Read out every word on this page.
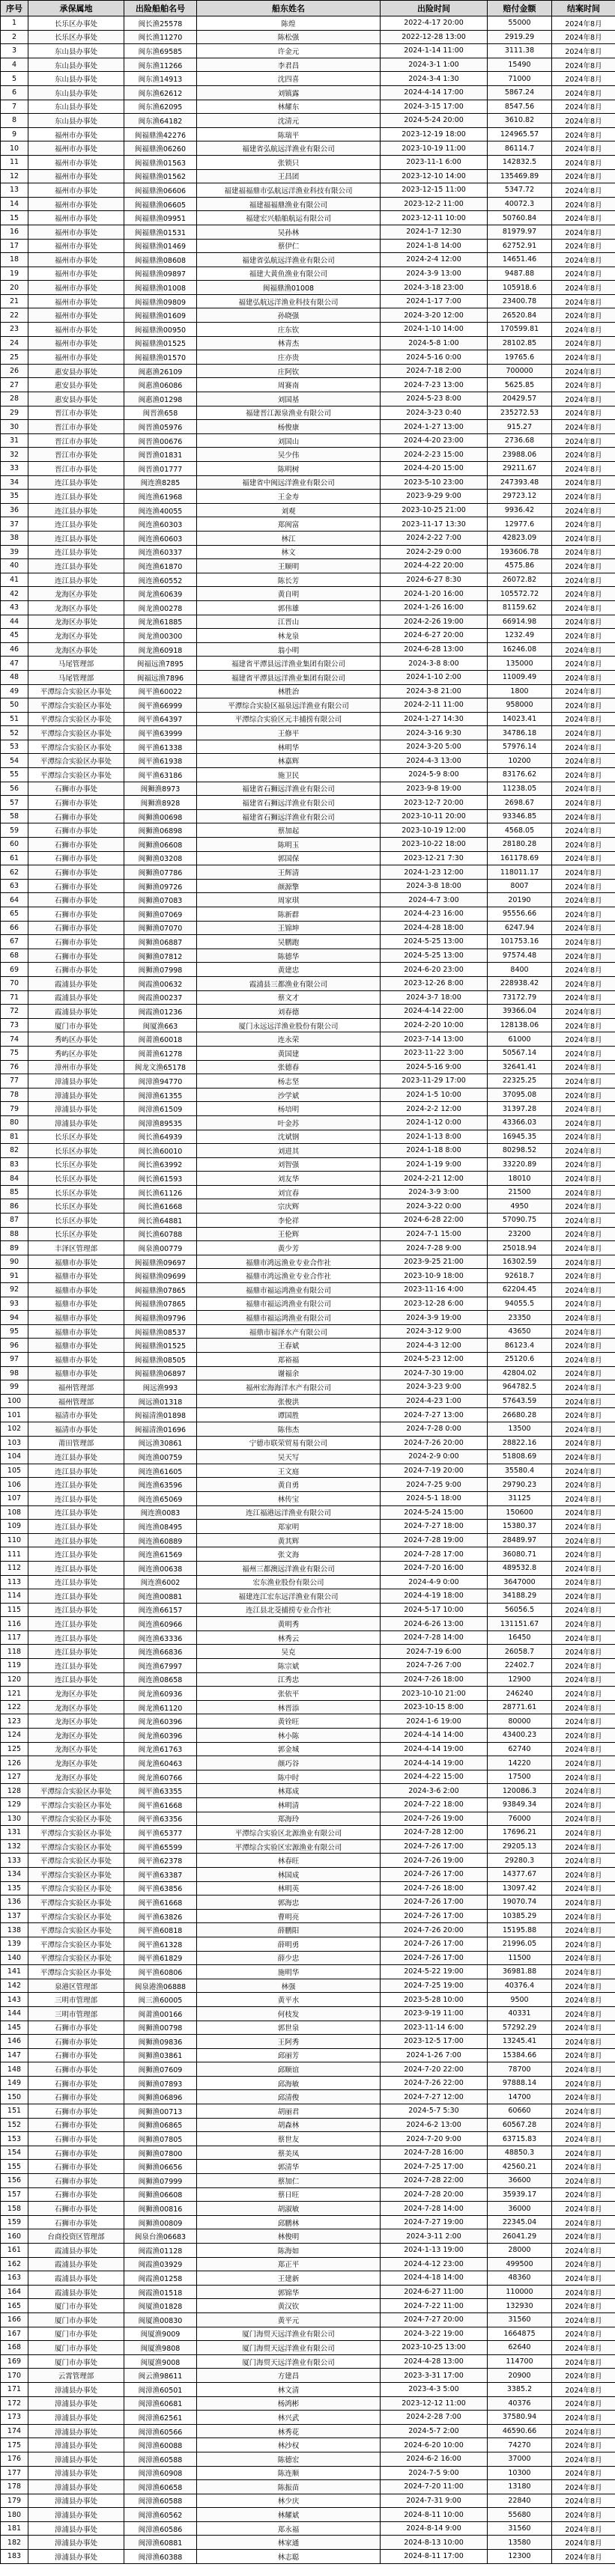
序号	承保属地	出险船舶名号	船东姓名	出险时间	赔付金额	结案时间
1	长乐区办事处	闽长渔25578	陈煌	2022-4-17 20:00	55000	2024年8月
2	长乐区办事处	闽长渔11270	陈松强	2022-12-28 13:00	2919.29	2024年8月
3	东山县办事处	闽东渔69585	许金元	2024-1-14 11:00	3111.38	2024年8月
4	东山县办事处	闽东渔11266	李君昌	2024-3-1 1:00	15490	2024年8月
5	东山县办事处	闽东渔14913	沈四喜	2024-3-4 1:30	71000	2024年8月
6	东山县办事处	闽东渔62612	刘镇露	2024-4-14 17:00	5867.24	2024年8月
7	东山县办事处	闽东渔62095	林耀东	2024-3-15 17:00	8547.56	2024年8月
8	东山县办事处	闽东渔64182	沈清元	2024-5-24 20:00	3610.82	2024年8月
9	福州市办事处	闽福鼎渔42276	陈瑞平	2023-12-19 18:00	124965.57	2024年8月
10	福州市办事处	闽福鼎渔06260	福建省弘航远洋渔业有限公司	2023-10-19 11:00	86114.7	2024年8月
11	福州市办事处	闽福鼎渔01563	张锁只	2023-11-1 6:00	142832.5	2024年8月
12	福州市办事处	闽福鼎渔01562	王昌团	2023-12-10 14:00	135469.89	2024年8月
13	福州市办事处	闽福鼎渔06606	福建福福鼎市弘航远洋渔业科技有限公司	2023-12-15 11:00	5347.72	2024年8月
14	福州市办事处	闽福鼎渔06605	福建福福鼎渔业有限公司	2023-12-2 11:00	40072.3	2024年8月
15	福州市办事处	闽福鼎渔09951	福建宏兴船舶航运有限公司	2023-12-11 10:00	50760.84	2024年8月
16	福州市办事处	闽福鼎渔01531	吴孙林	2024-1-7 12:30	81979.97	2024年8月
17	福州市办事处	闽福鼎渔01469	蔡伊仁	2024-1-8 14:00	62752.91	2024年8月
18	福州市办事处	闽福鼎渔08608	福建省弘航远洋渔业有限公司	2024-2-4 12:00	14651.46	2024年8月
19	福州市办事处	闽福鼎渔09897	福建大黄鱼渔业有限公司	2024-3-9 13:00	9487.88	2024年8月
20	福州市办事处	闽福鼎渔01008	闽福鼎渔01008	2024-3-18 23:00	105918.6	2024年8月
21	福州市办事处	闽福鼎渔09809	福建弘航远洋渔业科技有限公司	2024-1-17 7:00	23400.78	2024年8月
22	福州市办事处	闽福鼎渔01609	孙晓强	2024-3-20 12:00	26520.84	2024年8月
23	福州市办事处	闽福鼎渔00950	庄东钦	2024-1-10 14:00	170599.81	2024年8月
24	福州市办事处	闽福鼎渔01525	林青杰	2024-5-8 1:00	28102.85	2024年8月
25	福州市办事处	闽福鼎渔01570	庄亦贵	2024-5-16 0:00	19765.6	2024年8月
26	惠安县办事处	闽惠渔26109	庄阿钦	2024-7-18 2:00	700000	2024年8月
27	惠安县办事处	闽惠渔06086	周赛南	2024-7-23 13:00	5625.85	2024年8月
28	惠安县办事处	闽惠渔01298	刘国基	2024-5-23 8:00	20429.57	2024年8月
29	晋江市办事处	闽晋渔658	福建晋江源泉渔业有限公司	2024-3-23 0:40	235272.53	2024年8月
30	晋江市办事处	闽晋渔05976	杨俊康	2024-1-27 13:00	915.27	2024年8月
31	晋江市办事处	闽晋渔00676	刘国山	2024-4-20 23:00	2736.68	2024年8月
32	晋江市办事处	闽晋渔01831	吴少伟	2024-2-23 15:00	23988.06	2024年8月
33	晋江市办事处	闽晋渔01777	陈明树	2024-4-20 15:00	29211.67	2024年8月
34	连江县办事处	闽连渔8285	福建省中闽远洋渔业有限公司	2023-5-10 23:00	247393.48	2024年8月
35	连江县办事处	闽连渔61968	王金寿	2023-9-29 9:00	29723.12	2024年8月
36	连江县办事处	闽连渔40055	刘观	2023-10-25 21:00	9936.42	2024年8月
37	连江县办事处	闽连渔60303	郑闽富	2023-11-17 13:30	12977.6	2024年8月
38	连江县办事处	闽连渔60603	林江	2024-2-22 7:00	42823.09	2024年8月
39	连江县办事处	闽连渔60337	林文	2024-2-29 0:00	193606.78	2024年8月
40	连江县办事处	闽连渔61870	王顺明	2024-4-22 20:00	4575.86	2024年8月
41	连江县办事处	闽连渔60552	陈长芳	2024-6-27 8:30	26072.82	2024年8月
42	龙海区办事处	闽龙渔60639	黄自明	2024-1-20 16:00	105572.72	2024年8月
43	龙海区办事处	闽龙渔00278	郭伟雄	2024-1-26 16:00	81159.62	2024年8月
44	龙海区办事处	闽龙渔61885	江晋山	2024-2-26 19:00	66914.98	2024年8月
45	龙海区办事处	闽龙渔00300	林龙泉	2024-6-27 20:00	1232.49	2024年8月
46	龙海区办事处	闽龙渔60918	翁小明	2024-6-28 13:00	16246.08	2024年8月
47	马尾管理部	闽福远渔7895	福建省平潭县远洋渔业集团有限公司	2024-3-8 8:00	135000	2024年8月
48	马尾管理部	闽福远渔7896	福建省平潭县远洋渔业集团有限公司	2024-1-10 2:00	11009.49	2024年8月
49	平潭综合实验区办事处	闽平渔60022	林胜治	2024-3-8 21:00	1800	2024年8月
50	平潭综合实验区办事处	闽平渔66999	平潭综合实验区福泉远洋渔业有限公司	2024-2-11 11:00	958000	2024年8月
51	平潭综合实验区办事处	闽平渔64397	平潭综合实验区元丰捕捞有限公司	2024-1-27 14:30	14023.41	2024年8月
52	平潭综合实验区办事处	闽平渔63999	王修平	2024-3-16 9:30	34786.18	2024年8月
53	平潭综合实验区办事处	闽平渔61338	林明华	2024-3-20 5:00	57976.14	2024年8月
54	平潭综合实验区办事处	闽平渔61938	林嘉辉	2024-4-3 13:00	10200	2024年8月
55	平潭综合实验区办事处	闽平渔63186	施卫民	2024-5-9 8:00	83176.62	2024年8月
56	石狮市办事处	闽狮渔8973	福建省石狮远洋渔业有限公司	2023-9-8 19:00	11238.05	2024年8月
57	石狮市办事处	闽狮渔8928	福建省石狮远洋渔业有限公司	2023-12-7 20:00	2698.67	2024年8月
58	石狮市办事处	闽狮渔00698	福建省石狮远洋渔业有限公司	2023-10-11 20:00	93346.85	2024年8月
59	石狮市办事处	闽狮渔06898	蔡加起	2023-10-19 12:00	4568.05	2024年8月
60	石狮市办事处	闽狮渔06608	陈明玉	2023-10-22 18:00	28180.28	2024年8月
61	石狮市办事处	闽狮渔03208	郭国保	2023-12-21 7:30	161178.69	2024年8月
62	石狮市办事处	闽狮渔07786	王辉清	2024-1-23 12:00	118011.17	2024年8月
63	石狮市办事处	闽狮渔09726	颜源擎	2024-3-8 18:00	8007	2024年8月
64	石狮市办事处	闽狮渔07083	周家琪	2024-4-7 3:00	20190	2024年8月
65	石狮市办事处	闽狮渔07069	陈新群	2024-4-23 16:00	95556.66	2024年8月
66	石狮市办事处	闽狮渔07070	王锦坤	2024-4-28 18:00	6247.94	2024年8月
67	石狮市办事处	闽狮渔06887	吴鹏跑	2024-5-25 13:00	101753.16	2024年8月
68	石狮市办事处	闽狮渔07812	陈德华	2024-5-25 13:00	97574.48	2024年8月
69	石狮市办事处	闽狮渔07998	黄建忠	2024-6-20 23:00	8400	2024年8月
70	霞浦县办事处	闽霞渔00632	霞浦县三都渔业有限公司	2023-12-26 8:00	228938.42	2024年8月
71	霞浦县办事处	闽霞渔00237	蔡文才	2024-3-7 18:00	73172.79	2024年8月
72	霞浦县办事处	闽霞渔01236	刘春德	2024-4-14 22:00	39366.04	2024年8月
73	厦门市办事处	闽厦渔663	厦门永远远洋渔业股份有限公司	2024-2-20 10:00	128138.06	2024年8月
74	秀屿区办事处	闽莆渔60018	连永荣	2023-7-14 13:00	61000	2024年8月
75	秀屿区办事处	闽莆渔61278	黄国建	2023-11-22 3:00	50567.14	2024年8月
76	漳州市办事处	闽龙文渔65178	张德春	2024-5-16 9:00	32641.41	2024年8月
77	漳浦县办事处	闽漳渔94770	杨志坚	2023-11-29 17:00	22325.25	2024年8月
78	漳浦县办事处	闽漳渔61355	沙学斌	2024-1-5 10:00	37095.08	2024年8月
79	漳浦县办事处	闽漳渔61509	杨培明	2024-2-2 12:00	31397.28	2024年8月
80	漳浦县办事处	闽漳渔89535	叶金苏	2024-1-12 0:00	43366.03	2024年8月
81	长乐区办事处	闽长渔64939	沈斌钢	2024-1-13 8:00	16945.35	2024年8月
82	长乐区办事处	闽长渔60010	刘进其	2024-1-18 8:00	80298.52	2024年8月
83	长乐区办事处	闽长渔63992	刘智强	2024-1-19 9:00	33220.89	2024年8月
84	长乐区办事处	闽长渔61593	刘友华	2024-2-21 12:00	18010	2024年8月
85	长乐区办事处	闽长渔61126	刘宜春	2024-3-9 3:00	21500	2024年8月
86	长乐区办事处	闽长渔61668	宗庆辉	2024-3-22 0:00	4950	2024年8月
87	长乐区办事处	闽长渔64881	李伦祥	2024-6-28 22:00	57090.75	2024年8月
88	长乐区办事处	闽长渔60788	王伦辉	2024-7-1 15:00	23200	2024年8月
89	丰泽区管理部	闽泉渔00779	黄少芳	2024-7-28 9:00	25018.94	2024年8月
90	福鼎市办事处	闽福鼎渔09697	福鼎市鸿远渔业专业合作社	2023-9-25 21:00	16302.59	2024年8月
91	福鼎市办事处	闽福鼎渔09699	福鼎市鸿远渔业专业合作社	2023-10-9 18:00	92618.7	2024年8月
92	福鼎市办事处	闽福鼎渔07865	福鼎市福运鸿渔业有限公司	2023-11-16 4:00	62204.45	2024年8月
93	福鼎市办事处	闽福鼎渔07865	福鼎市福运鸿渔业有限公司	2023-12-28 6:00	94055.5	2024年8月
94	福鼎市办事处	闽福鼎渔09796	福鼎市福运鸿渔业有限公司	2024-3-9 19:00	23350	2024年8月
95	福鼎市办事处	闽福鼎渔08537	福鼎市福泽水产有限公司	2024-3-12 9:00	43650	2024年8月
96	福鼎市办事处	闽福鼎渔01525	王春斌	2024-4-3 12:00	86123.4	2024年8月
97	福鼎市办事处	闽福鼎渔08505	郑裕福	2024-5-23 12:00	25120.6	2024年8月
98	福鼎市办事处	闽福鼎渔06897	谢福余	2024-7-30 19:00	42804.02	2024年8月
99	福州管理部	闽远渔993	福州宏海海洋水产有限公司	2024-3-23 9:00	964782.5	2024年8月
100	福州管理部	闽远渔01318	张俊洪	2024-4-23 1:00	57643.59	2024年8月
101	福清市办事处	闽福清渔01898	谭国胜	2024-7-27 13:00	26680.28	2024年8月
102	福清市办事处	闽福清渔01696	陈伟杰	2024-7-28 0:00	13500	2024年8月
103	莆田管理部	闽远渔30861	宁德市联荣贸易有限公司	2024-7-26 20:00	28822.16	2024年8月
104	连江县办事处	闽连渔00759	吴天写	2024-2-9 0:00	51808.69	2024年8月
105	连江县办事处	闽连渔61605	王文庭	2024-7-19 20:00	35580.4	2024年8月
106	连江县办事处	闽连渔63596	黄自勇	2024-7-25 9:00	29790.23	2024年8月
107	连江县办事处	闽连渔65069	林传宝	2024-5-1 18:00	31125	2024年8月
108	连江县办事处	闽连渔0083	连江福港远洋渔业有限公司	2024-5-24 15:00	150600	2024年8月
109	连江县办事处	闽连渔08495	郑家明	2024-7-27 18:00	15380.37	2024年8月
110	连江县办事处	闽连渔60889	黄其辉	2024-7-28 19:00	28489.97	2024年8月
111	连江县办事处	闽连渔61569	张文海	2024-7-28 17:00	36080.71	2024年8月
112	连江县办事处	闽连渔00638	福州三都澳远洋渔业有限公司	2024-7-20 16:00	489532.8	2024年8月
113	连江县办事处	闽连渔6002	宏东渔业股份有限公司	2024-4-9 0:00	3647000	2024年8月
114	连江县办事处	闽连渔00881	福建连江宏东远洋渔业有限公司	2024-4-19 18:00	34188.29	2024年8月
115	连江县办事处	闽连渔66157	连江县北茭捕捞专业合作社	2024-5-17 10:00	56056.5	2024年8月
116	连江县办事处	闽连渔60966	黄明秀	2024-6-26 13:00	131151.67	2024年8月
117	连江县办事处	闽连渔63336	林秀云	2024-7-28 14:00	16450	2024年8月
118	连江县办事处	闽连渔66836	吴克	2024-7-19 6:00	26058.7	2024年8月
119	连江县办事处	闽连渔67997	陈宗斌	2024-7-26 7:00	22402.7	2024年8月
120	连江县办事处	闽连渔08658	江秀忠	2024-7-26 18:00	12900	2024年8月
121	龙海区办事处	闽龙渔60936	张依平	2023-10-10 21:00	246240	2024年8月
122	龙海区办事处	闽龙渔61120	林晋添	2023-10-15 8:00	28771.61	2024年8月
123	龙海区办事处	闽龙渔60396	黄铨旺	2024-1-6 19:00	80000	2024年8月
124	龙海区办事处	闽龙渔60396	林小陈	2024-4-14 14:00	43400.23	2024年8月
125	龙海区办事处	闽龙渔61763	郭金城	2024-4-14 19:00	62740	2024年8月
126	龙海区办事处	闽龙渔60463	颜巧谷	2024-4-14 19:00	14220	2024年8月
127	龙海区办事处	闽龙渔60766	陈中时	2024-4-22 15:00	17500	2024年8月
128	平潭综合实验区办事处	闽平渔63355	林郑成	2024-3-6 2:00	120086.3	2024年8月
129	平潭综合实验区办事处	闽平渔61668	林明清	2024-7-22 18:00	93849.34	2024年8月
130	平潭综合实验区办事处	闽平渔63356	郑海玲	2024-7-26 19:00	76000	2024年8月
131	平潭综合实验区办事处	闽平渔65377	平潭综合实验区北源渔业有限公司	2024-7-28 12:00	17696.21	2024年8月
132	平潭综合实验区办事处	闽平渔65599	平潭综合实验区宏源渔业有限公司	2024-7-26 17:00	29205.13	2024年8月
133	平潭综合实验区办事处	闽平渔62378	林春旺	2024-7-26 19:00	29280.3	2024年8月
134	平潭综合实验区办事处	闽平渔63387	林国成	2024-7-26 17:00	14377.67	2024年8月
135	平潭综合实验区办事处	闽平渔63856	林明英	2024-7-26 18:00	13097.42	2024年8月
136	平潭综合实验区办事处	闽平渔61668	郭海忠	2024-7-26 17:00	19070.74	2024年8月
137	平潭综合实验区办事处	闽平渔63826	曹明亮	2024-7-26 17:00	10385.29	2024年8月
138	平潭综合实验区办事处	闽平渔60818	薛鹏阳	2024-7-26 20:00	15195.88	2024年8月
139	平潭综合实验区办事处	闽平渔61328	薛明勇	2024-7-26 17:00	21996.05	2024年8月
140	平潭综合实验区办事处	闽平渔61829	薛少忠	2024-7-26 17:00	11500	2024年8月
141	平潭综合实验区办事处	闽平渔60806	施明华	2024-5-22 19:00	36981.88	2024年8月
142	泉港区管理部	闽泉港渔06888	林强	2024-7-25 19:00	40376.4	2024年8月
143	三明市管理部	闽三渔60005	黄平水	2023-5-28 10:00	9500	2024年8月
144	三明市管理部	闽莆渔00166	何枝发	2023-9-19 11:00	40331	2024年8月
145	石狮市办事处	闽狮渔00798	郭世泉	2023-11-14 6:00	57292.29	2024年8月
146	石狮市办事处	闽狮渔09836	王阿秀	2023-12-5 17:00	13245.41	2024年8月
147	石狮市办事处	闽狮渔03861	邱丽芳	2024-1-26 7:00	15384.66	2024年8月
148	石狮市办事处	闽狮渔07609	邱顺谊	2024-7-20 22:00	78700	2024年8月
149	石狮市办事处	闽狮渔07893	邱海敏	2024-7-26 22:00	97888.14	2024年8月
150	石狮市办事处	闽狮渔06896	邱清俊	2024-7-27 12:00	14700	2024年8月
151	石狮市办事处	闽狮渔00713	胡丽君	2024-5-7 5:30	60660	2024年8月
152	石狮市办事处	闽狮渔06865	胡森林	2024-6-2 13:00	60567.28	2024年8月
153	石狮市办事处	闽狮渔07805	蔡世友	2024-7-20 9:00	63715.83	2024年8月
154	石狮市办事处	闽狮渔07800	蔡美凤	2024-7-28 16:00	48850.3	2024年8月
155	石狮市办事处	闽狮渔06656	郭清华	2024-7-25 17:00	42560.21	2024年8月
156	石狮市办事处	闽狮渔07999	蔡加仁	2024-7-28 22:00	36600	2024年8月
157	石狮市办事处	闽狮渔06608	蔡日旺	2024-7-28 20:00	35939.17	2024年8月
158	石狮市办事处	闽狮渔00816	胡淑敏	2024-7-28 14:00	36000	2024年8月
159	石狮市办事处	闽狮渔00809	邱鹏林	2024-7-27 19:00	22345.04	2024年8月
160	台商投资区管理部	闽泉台渔06683	林俊明	2024-3-11 2:00	26041.29	2024年8月
161	霞浦县办事处	闽霞渔01128	陈海如	2024-1-13 19:00	28000	2024年8月
162	霞浦县办事处	闽霞渔03929	郑正平	2024-4-12 23:00	499500	2024年8月
163	霞浦县办事处	闽霞渔01258	王建新	2024-4-18 14:00	48360	2024年8月
164	霞浦县办事处	闽霞渔01518	郭锦华	2024-6-27 11:00	110000	2024年8月
165	厦门市办事处	闽厦渔01828	黄汉钦	2024-7-22 11:00	132930	2024年8月
166	厦门市办事处	闽厦渔00830	黄平元	2024-7-27 20:00	31560	2024年8月
167	厦门市办事处	闽厦渔9009	厦门海贸天远洋渔业有限公司	2024-3-22 19:00	1664875	2024年8月
168	厦门市办事处	闽厦渔9808	厦门海贸天远洋渔业有限公司	2023-10-25 13:00	62640	2024年8月
169	厦门市办事处	闽厦渔9008	厦门海贸天远洋渔业有限公司	2024-4-28 13:00	114700	2024年8月
170	云霄管理部	闽云渔98611	方建昌	2023-3-31 17:00	20900	2024年8月
171	漳浦县办事处	闽漳渔60501	林文清	2023-4-3 5:00	3385.2	2024年8月
172	漳浦县办事处	闽漳渔60681	杨鸿彬	2023-12-12 11:00	40376	2024年8月
173	漳浦县办事处	闽漳渔62561	林兴武	2024-2-28 7:00	37580.94	2024年8月
174	漳浦县办事处	闽漳渔60566	林秀花	2024-5-7 2:00	46590.66	2024年8月
175	漳浦县办事处	闽漳渔60088	林沙权	2024-6-20 10:00	74270	2024年8月
176	漳浦县办事处	闽漳渔60588	陈德宏	2024-6-2 16:00	37000	2024年8月
177	漳浦县办事处	闽漳渔60908	陈连顺	2024-7-5 9:00	10300	2024年8月
178	漳浦县办事处	闽漳渔60658	陈振苗	2024-7-20 11:00	13180	2024年8月
179	漳浦县办事处	闽漳渔60588	林少庆	2024-7-31 9:00	22840	2024年8月
180	漳浦县办事处	闽漳渔60562	林耀斌	2024-8-11 10:00	55680	2024年8月
181	漳浦县办事处	闽漳渔60586	郑永福	2024-8-14 9:00	31560	2024年8月
182	漳浦县办事处	闽漳渔60881	林家通	2024-8-13 10:00	13580	2024年8月
183	漳浦县办事处	闽漳渔60388	林志聪	2024-8-11 17:00	12300	2024年8月
